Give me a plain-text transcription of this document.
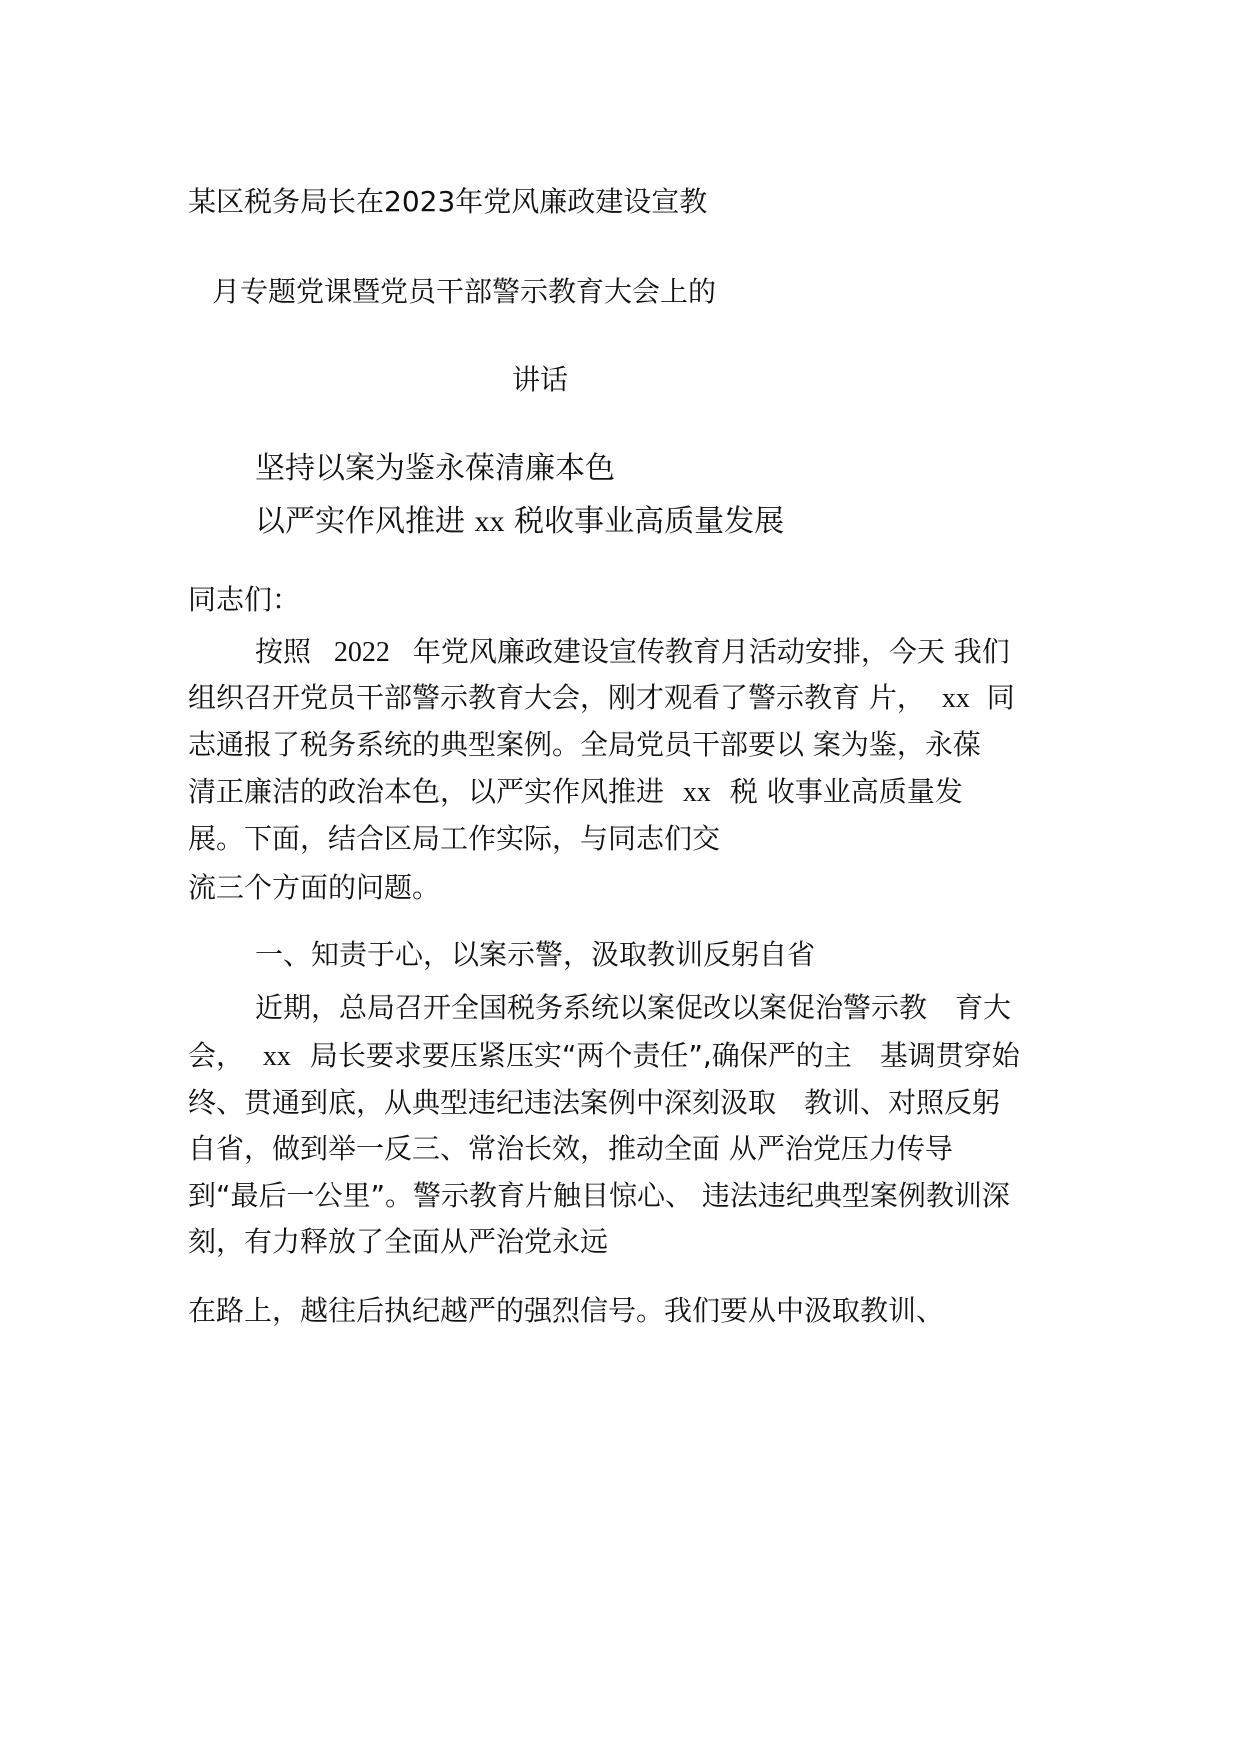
某区税务局长在2023年党风廉政建设宣教
月专题党课暨党员干部警示教育大会上的
讲话
坚持以案为鉴永葆清廉本色
以严实作风推进 xx 税收事业高质量发展
同志们：
按照 2022 年党风廉政建设宣传教育月活动安排，今天 我们
组织召开党员干部警示教育大会，刚才观看了警示教育 片， xx 同
志通报了税务系统的典型案例。全局党员干部要以 案为鉴，永葆
清正廉洁的政治本色，以严实作风推进 xx 税 收事业高质量发
展。下面，结合区局工作实际，与同志们交
流三个方面的问题。
一、知责于心，以案示警，汲取教训反躬自省
近期，总局召开全国税务系统以案促改以案促治警示教　育大
会， xx 局长要求要压紧压实“两个责任”,确保严的主　基调贯穿始
终、贯通到底，从典型违纪违法案例中深刻汲取　教训、对照反躬
自省，做到举一反三、常治长效，推动全面 从严治党压力传导
到“最后一公里”。警示教育片触目惊心、 违法违纪典型案例教训深
刻，有力释放了全面从严治党永远
在路上，越往后执纪越严的强烈信号。我们要从中汲取教训、
